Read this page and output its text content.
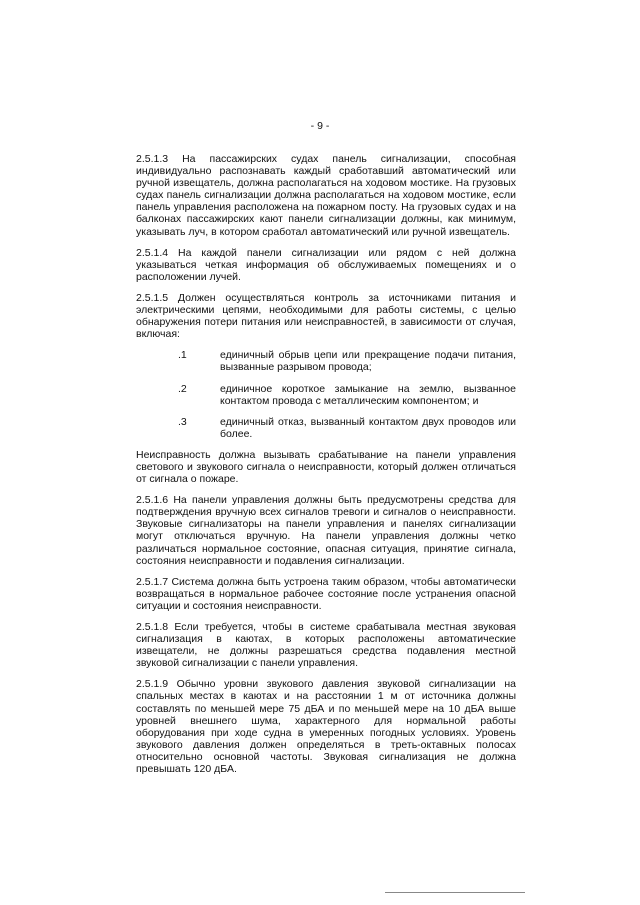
- 9 -

2.5.1.3 На пассажирских судах панель сигнализации, способная индивидуально распознавать каждый сработавший автоматический или ручной извещатель, должна располагаться на ходовом мостике. На грузовых судах панель сигнализации должна располагаться на ходовом мостике, если панель управления расположена на пожарном посту. На грузовых судах и на балконах пассажирских кают панели сигнализации должны, как минимум, указывать луч, в котором сработал автоматический или ручной извещатель.

2.5.1.4 На каждой панели сигнализации или рядом с ней должна указываться четкая информация об обслуживаемых помещениях и о расположении лучей.

2.5.1.5 Должен осуществляться контроль за источниками питания и электрическими цепями, необходимыми для работы системы, с целью обнаружения потери питания или неисправностей, в зависимости от случая, включая:

.1	единичный обрыв цепи или прекращение подачи питания, вызванные разрывом провода;
.2	единичное короткое замыкание на землю, вызванное контактом провода с металлическим компонентом; и
.3	единичный отказ, вызванный контактом двух проводов или более.

Неисправность должна вызывать срабатывание на панели управления светового и звукового сигнала о неисправности, который должен отличаться от сигнала о пожаре.

2.5.1.6 На панели управления должны быть предусмотрены средства для подтверждения вручную всех сигналов тревоги и сигналов о неисправности. Звуковые сигнализаторы на панели управления и панелях сигнализации могут отключаться вручную. На панели управления должны четко различаться нормальное состояние, опасная ситуация, принятие сигнала, состояния неисправности и подавления сигнализации.

2.5.1.7 Система должна быть устроена таким образом, чтобы автоматически возвращаться в нормальное рабочее состояние после устранения опасной ситуации и состояния неисправности.

2.5.1.8 Если требуется, чтобы в системе срабатывала местная звуковая сигнализация в каютах, в которых расположены автоматические извещатели, не должны разрешаться средства подавления местной звуковой сигнализации с панели управления.

2.5.1.9 Обычно уровни звукового давления звуковой сигнализации на спальных местах в каютах и на расстоянии 1 м от источника должны составлять по меньшей мере 75 дБА и по меньшей мере на 10 дБА выше уровней внешнего шума, характерного для нормальной работы оборудования при ходе судна в умеренных погодных условиях. Уровень звукового давления должен определяться в треть-октавных полосах относительно основной частоты. Звуковая сигнализация не должна превышать 120 дБА.
